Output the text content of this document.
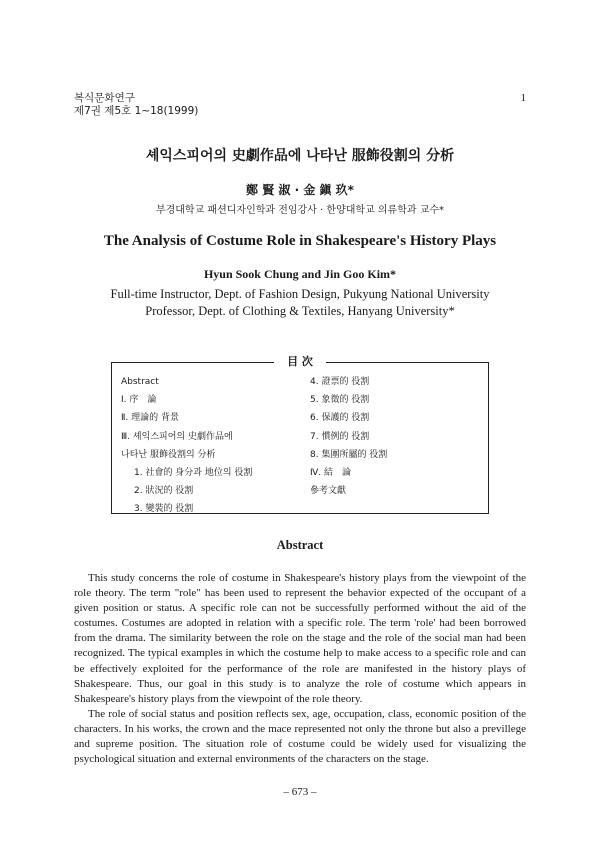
복식문화연구
제7권 제5호 1~18(1999)
1
셰익스피어의 史劇作品에 나타난 服飾役割의 分析
鄭 賢 淑 · 金 鎭 玖*
부경대학교 패션디자인학과 전임강사 · 한양대학교 의류학과 교수*
The Analysis of Costume Role in Shakespeare's History Plays
Hyun Sook Chung and Jin Goo Kim*
Full-time Instructor, Dept. of Fashion Design, Pukyung National University
Professor, Dept. of Clothing & Textiles, Hanyang University*
目 次
Abstract
Ⅰ. 序　論
Ⅱ. 理論的 背景
Ⅲ. 셰익스피어의 史劇作品에
나타난 服飾役割의 分析
1. 社會的 身分과 地位의 役割
2. 狀況的 役割
3. 變裝的 役割
4. 證票的 役割
5. 象徵的 役割
6. 保護的 役割
7. 慣例的 役割
8. 集團所屬的 役割
Ⅳ. 結　論
參考文獻
Abstract

This study concerns the role of costume in Shakespeare's history plays from the viewpoint of the role theory. The term "role" has been used to represent the behavior expected of the occupant of a given position or status. A specific role can not be successfully performed without the aid of the costumes. Costumes are adopted in relation with a specific role. The term 'role' had been borrowed from the drama. The similarity between the role on the stage and the role of the social man had been recognized. The typical examples in which the costume help to make access to a specific role and can be effectively exploited for the performance of the role are manifested in the history plays of Shakespeare. Thus, our goal in this study is to analyze the role of costume which appears in Shakespeare's history plays from the viewpoint of the role theory.

The role of social status and position reflects sex, age, occupation, class, economic position of the characters. In his works, the crown and the mace represented not only the throne but also a previllege and supreme position. The situation role of costume could be widely used for visualizing the psychological situation and external environments of the characters on the stage.

– 673 –
